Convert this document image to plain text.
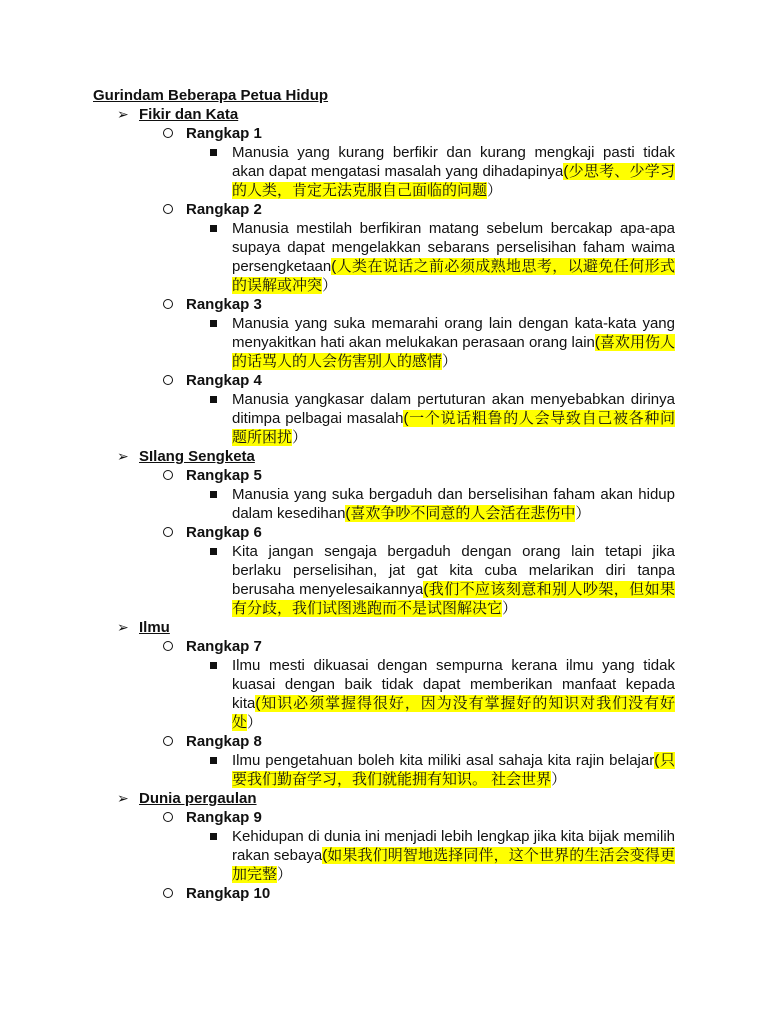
Gurindam Beberapa Petua Hidup
➢ Fikir dan Kata
Rangkap 1
Manusia yang kurang berfikir dan kurang mengkaji pasti tidak akan dapat mengatasi masalah yang dihadapinya(少思考、少学习的人类，肯定无法克服自己面临的问题）
Rangkap 2
Manusia mestilah berfikiran matang sebelum bercakap apa-apa supaya dapat mengelakkan sebarans perselisihan faham waima persengketaan(人类在说话之前必须成熟地思考，以避免任何形式的误解或冲突）
Rangkap 3
Manusia yang suka memarahi orang lain dengan kata-kata yang menyakitkan hati akan melukakan perasaan orang lain(喜欢用伤人的话骂人的人会伤害别人的感情）
Rangkap 4
Manusia yangkasar dalam pertuturan akan menyebabkan dirinya ditimpa pelbagai masalah(一个说话粗鲁的人会导致自己被各种问题所困扰）
➢ SIlang Sengketa
Rangkap 5
Manusia yang suka bergaduh dan berselisihan faham akan hidup dalam kesedihan(喜欢争吵不同意的人会活在悲伤中）
Rangkap 6
Kita jangan sengaja bergaduh dengan orang lain tetapi jika berlaku perselisihan, jat gat kita cuba melarikan diri tanpa berusaha menyelesaikannya(我们不应该刻意和别人吵架，但如果有分歧，我们试图逃跑而不是试图解决它）
➢ Ilmu
Rangkap 7
Ilmu mesti dikuasai dengan sempurna kerana ilmu yang tidak kuasai dengan baik tidak dapat memberikan manfaat kepada kita(知识必须掌握得很好，因为没有掌握好的知识对我们没有好处）
Rangkap 8
Ilmu pengetahuan boleh kita miliki asal sahaja kita rajin belajar(只要我们勤奋学习，我们就能拥有知识。 社会世界）
➢ Dunia pergaulan
Rangkap 9
Kehidupan di dunia ini menjadi lebih lengkap jika kita bijak memilih rakan sebaya(如果我们明智地选择同伴，这个世界的生活会变得更加完整）
Rangkap 10
